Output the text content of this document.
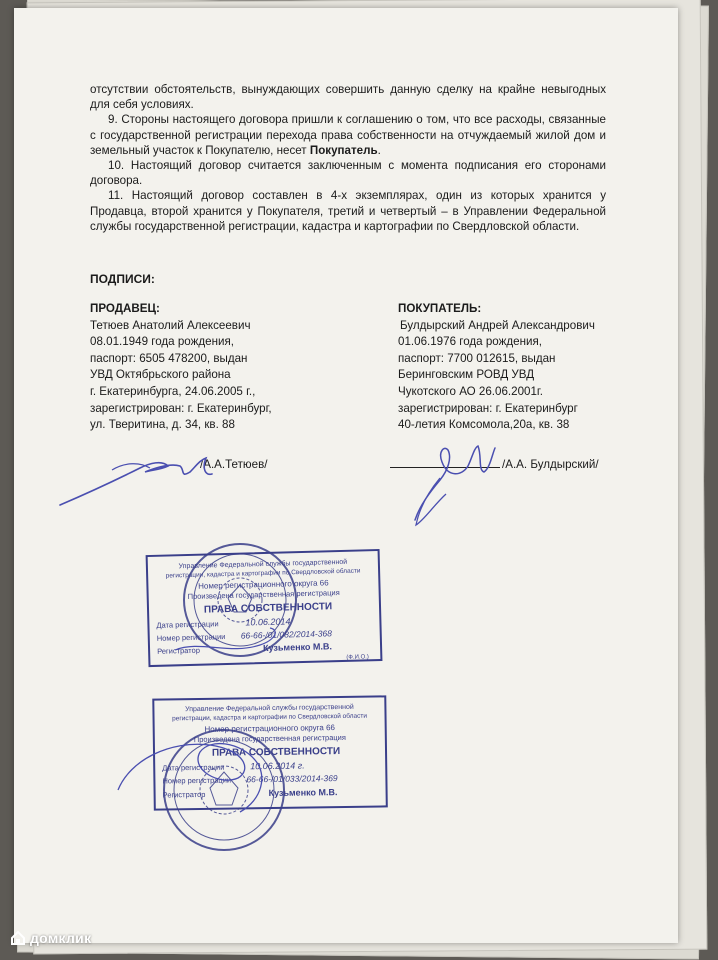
отсутствии обстоятельств, вынуждающих совершить данную сделку на крайне невыгодных для себя условиях.

9. Стороны настоящего договора пришли к соглашению о том, что все расходы, связанные с государственной регистрации перехода права собственности на отчуждаемый жилой дом и земельный участок к Покупателю, несет Покупатель.

10. Настоящий договор считается заключенным с момента подписания его сторонами договора.

11. Настоящий договор составлен в 4-х экземплярах, один из которых хранится у Продавца, второй хранится у Покупателя, третий и четвертый – в Управлении Федеральной службы государственной регистрации, кадастра и картографии по Свердловской области.

ПОДПИСИ:
ПРОДАВЕЦ:
Тетюев Анатолий Алексеевич
08.01.1949 года рождения,
паспорт: 6505 478200, выдан
УВД Октябрьского района
г. Екатеринбурга, 24.06.2005 г.,
зарегистрирован: г. Екатеринбург,
ул. Тверитина, д. 34, кв. 88
ПОКУПАТЕЛЬ:
Булдырский Андрей Александрович
01.06.1976 года рождения,
паспорт: 7700 012615, выдан
Беринговским РОВД УВД
Чукотского АО 26.06.2001г.
зарегистрирован: г. Екатеринбург
40-летия Комсомола,20а, кв. 38
/А.А.Тетюев/	/А.А. Булдырский/
Управление Федеральной службы государственной
регистрации, кадастра и картографии по Свердловской области
Номер регистрационного округа 66
Произведена государственная регистрация
ПРАВА СОБСТВЕННОСТИ
Дата регистрации	10.06.2014
Номер регистрации 66-66-/01/082/2014-368
Регистратор	Кузьменко М.В.
(Ф.И.О.)
Управление Федеральной службы государственной
регистрации, кадастра и картографии по Свердловской области
Номер регистрационного округа 66
Произведена государственная регистрация
ПРАВА СОБСТВЕННОСТИ
Дата регистрации	10.06.2014 г.
Номер регистрации 66-66-/01/033/2014-369
Регистратор	Кузьменко М.В.
домклик
